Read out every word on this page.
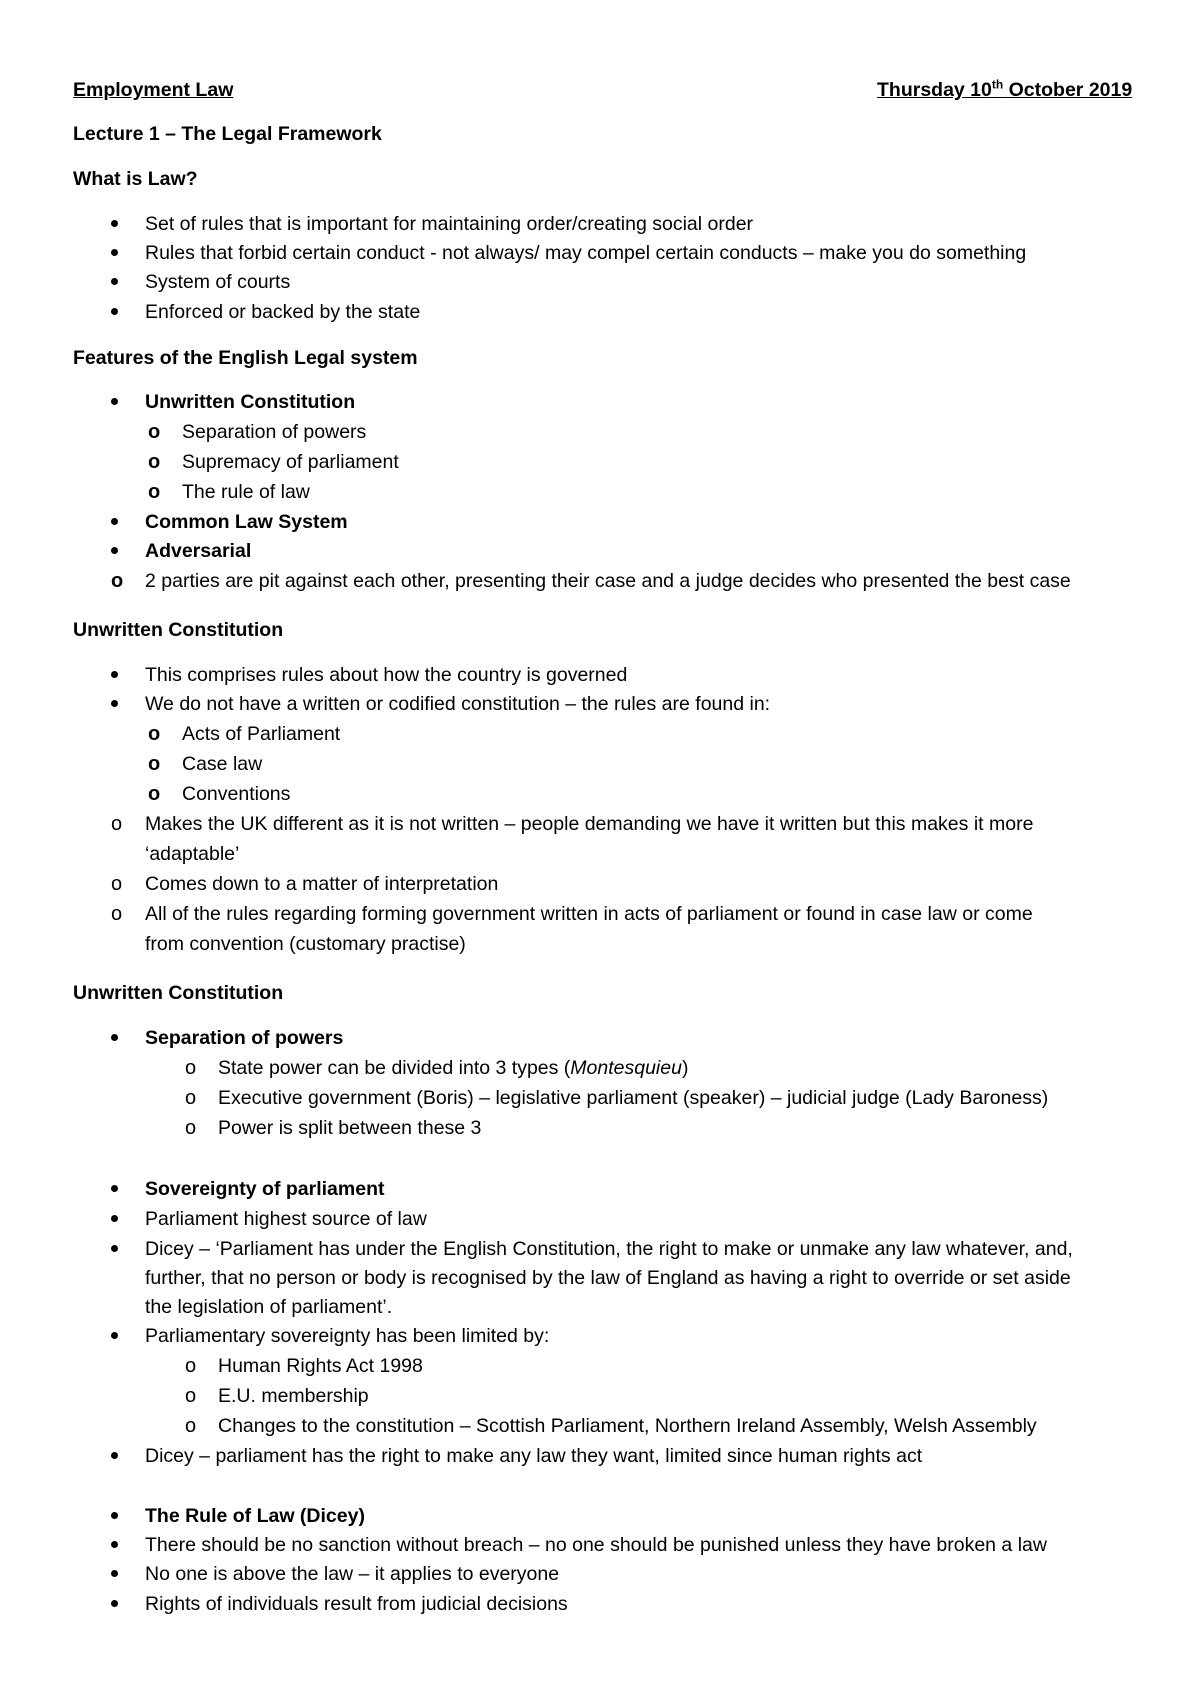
Employment Law	Thursday 10th October 2019
Lecture 1 – The Legal Framework
What is Law?
Set of rules that is important for maintaining order/creating social order
Rules that forbid certain conduct - not always/ may compel certain conducts – make you do something
System of courts
Enforced or backed by the state
Features of the English Legal system
Unwritten Constitution
o Separation of powers
o Supremacy of parliament
o The rule of law
Common Law System
Adversarial
o 2 parties are pit against each other, presenting their case and a judge decides who presented the best case
Unwritten Constitution
This comprises rules about how the country is governed
We do not have a written or codified constitution – the rules are found in:
o Acts of Parliament
o Case law
o Conventions
o Makes the UK different as it is not written – people demanding we have it written but this makes it more
‘adaptable’
o Comes down to a matter of interpretation
o All of the rules regarding forming government written in acts of parliament or found in case law or come
from convention (customary practise)
Unwritten Constitution
Separation of powers
o State power can be divided into 3 types (Montesquieu)
o Executive government (Boris) – legislative parliament (speaker) – judicial judge (Lady Baroness)
o Power is split between these 3
Sovereignty of parliament
Parliament highest source of law
Dicey – ‘Parliament has under the English Constitution, the right to make or unmake any law whatever, and,
further, that no person or body is recognised by the law of England as having a right to override or set aside
the legislation of parliament’.
Parliamentary sovereignty has been limited by:
o Human Rights Act 1998
o E.U. membership
o Changes to the constitution – Scottish Parliament, Northern Ireland Assembly, Welsh Assembly
Dicey – parliament has the right to make any law they want, limited since human rights act
The Rule of Law (Dicey)
There should be no sanction without breach – no one should be punished unless they have broken a law
No one is above the law – it applies to everyone
Rights of individuals result from judicial decisions
